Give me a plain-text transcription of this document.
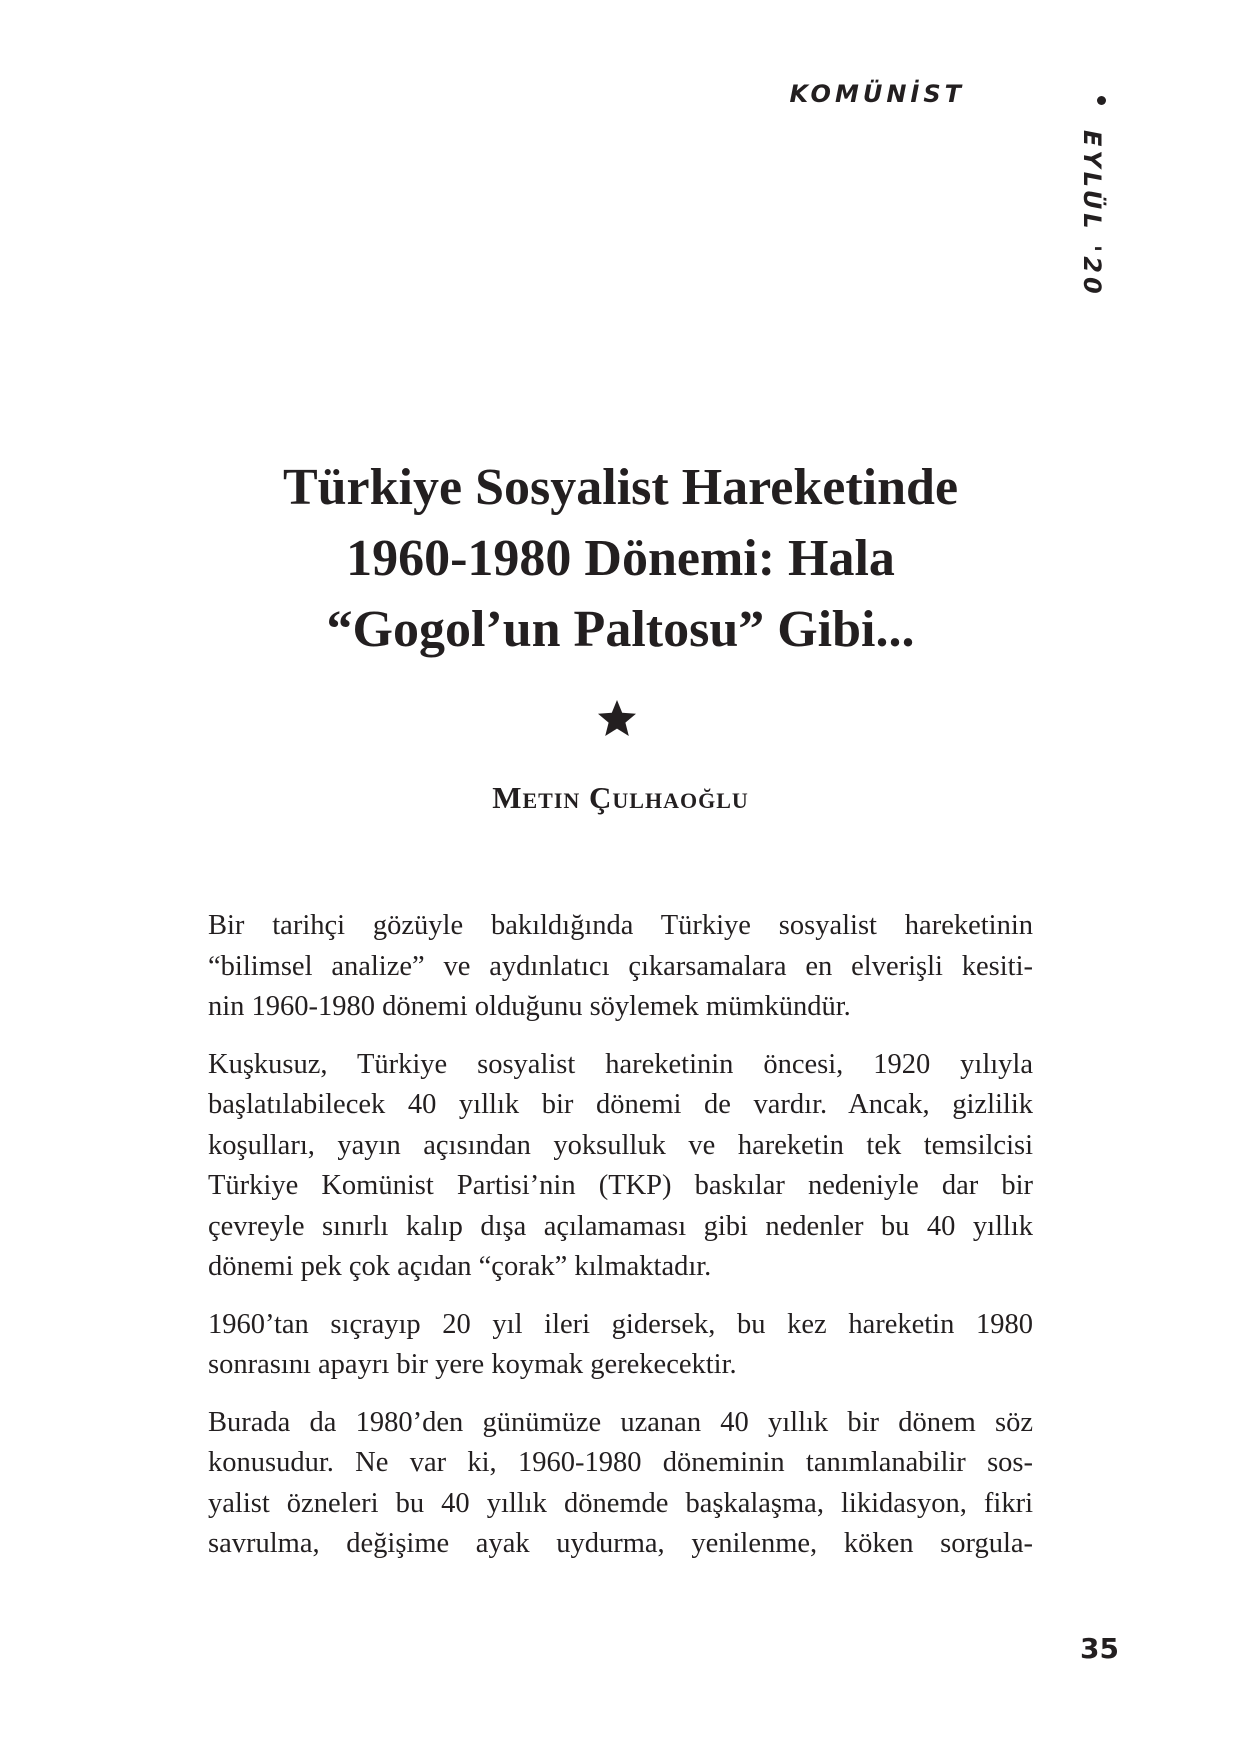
KOMÜNİST
EYLÜL '20
Türkiye Sosyalist Hareketinde
1960-1980 Dönemi: Hala
“Gogol’un Paltosu” Gibi...
Metin Çulhaoğlu

Bir tarihçi gözüyle bakıldığında Türkiye sosyalist hareketinin
“bilimsel analize” ve aydınlatıcı çıkarsamalara en elverişli kesiti-
nin 1960-1980 dönemi olduğunu söylemek mümkündür.

Kuşkusuz, Türkiye sosyalist hareketinin öncesi, 1920 yılıyla
başlatılabilecek 40 yıllık bir dönemi de vardır. Ancak, gizlilik
koşulları, yayın açısından yoksulluk ve hareketin tek temsilcisi
Türkiye Komünist Partisi’nin (TKP) baskılar nedeniyle dar bir
çevreyle sınırlı kalıp dışa açılamaması gibi nedenler bu 40 yıllık
dönemi pek çok açıdan “çorak” kılmaktadır.

1960’tan sıçrayıp 20 yıl ileri gidersek, bu kez hareketin 1980
sonrasını apayrı bir yere koymak gerekecektir.

Burada da 1980’den günümüze uzanan 40 yıllık bir dönem söz
konusudur. Ne var ki, 1960-1980 döneminin tanımlanabilir sos-
yalist özneleri bu 40 yıllık dönemde başkalaşma, likidasyon, fikri
savrulma, değişime ayak uydurma, yenilenme, köken sorgula-

35
